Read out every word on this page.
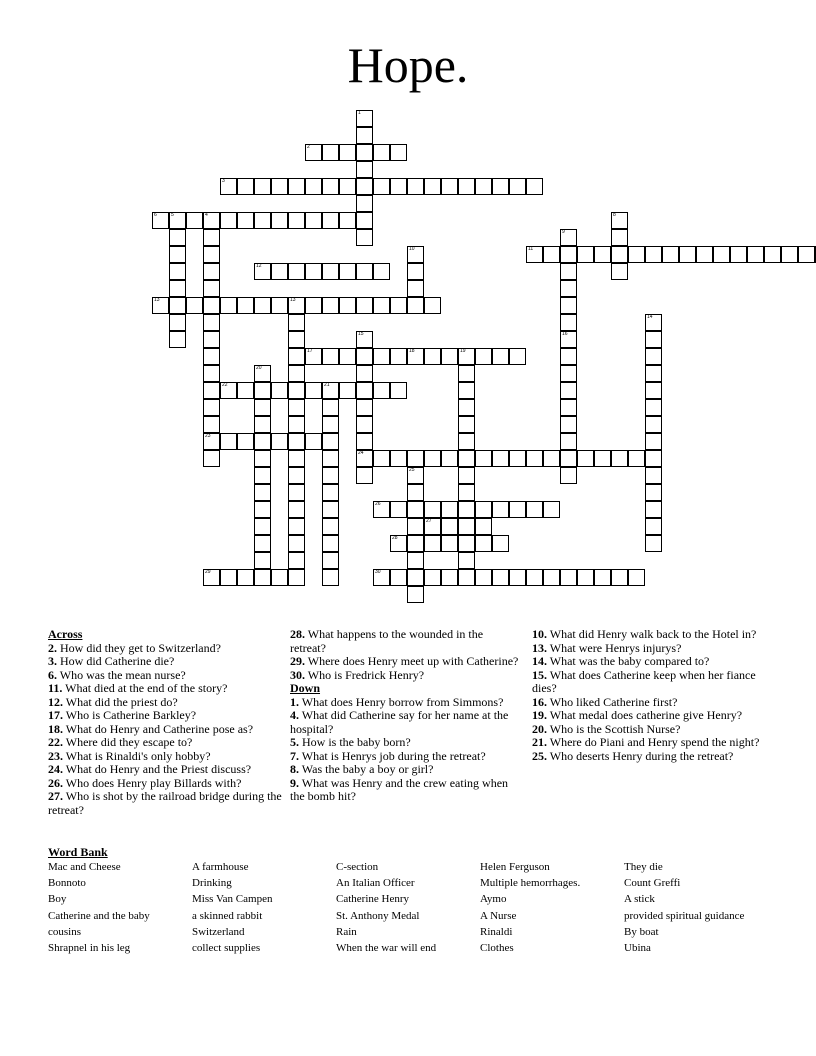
Hope.
1
2
3
4
5
6	8
9
10	11
12
13	13
14
15	16
17	18	19
20
21
22
23
24
25
26
27
28
29	30
Across
2. How did they get to Switzerland?
3. How did Catherine die?
6. Who was the mean nurse?
11. What died at the end of the story?
12. What did the priest do?
17. Who is Catherine Barkley?
18. What do Henry and Catherine pose as?
22. Where did they escape to?
23. What is Rinaldi's only hobby?
24. What do Henry and the Priest discuss?
26. Who does Henry play Billards with?
27. Who is shot by the railroad bridge during the retreat?
28. What happens to the wounded in the retreat?
29. Where does Henry meet up with Catherine?
30. Who is Fredrick Henry?
Down
1. What does Henry borrow from Simmons?
4. What did Catherine say for her name at the hospital?
5. How is the baby born?
7. What is Henrys job during the retreat?
8. Was the baby a boy or girl?
9. What was Henry and the crew eating when the bomb hit?
10. What did Henry walk back to the Hotel in?
13. What were Henrys injurys?
14. What was the baby compared to?
15. What does Catherine keep when her fiance dies?
16. Who liked Catherine first?
19. What medal does catherine give Henry?
20. Who is the Scottish Nurse?
21. Where do Piani and Henry spend the night?
25. Who deserts Henry during the retreat?
Word Bank
Mac and Cheese	A farmhouse	C-section	Helen Ferguson	They die
Bonnoto	Drinking	An Italian Officer	Multiple hemorrhages.	Count Greffi
Boy	Miss Van Campen	Catherine Henry	Aymo	A stick
Catherine and the baby	a skinned rabbit	St. Anthony Medal	A Nurse	provided spiritual guidance
cousins	Switzerland	Rain	Rinaldi	By boat
Shrapnel in his leg	collect supplies	When the war will end	Clothes	Ubina
